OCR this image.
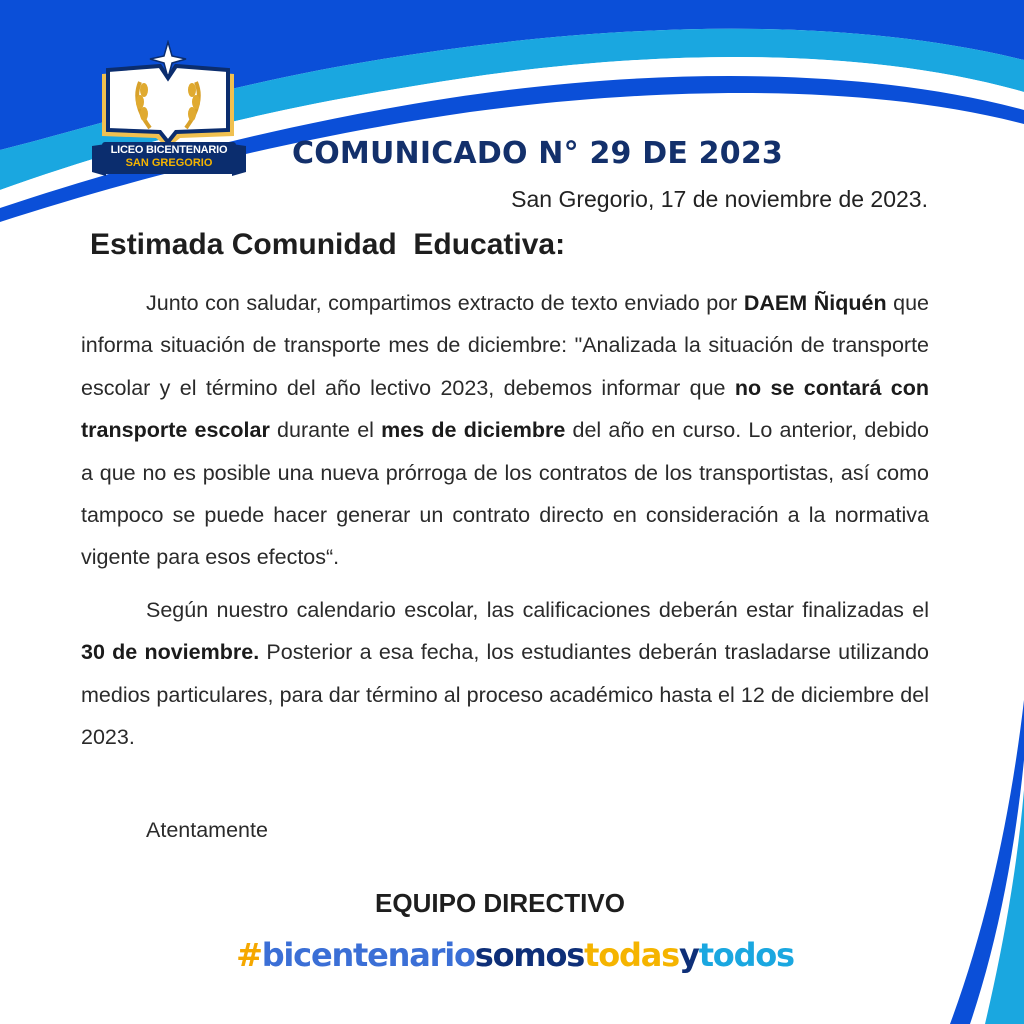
LICEO BICENTENARIO
SAN GREGORIO	COMUNICADO N° 29 DE 2023

San Gregorio, 17 de noviembre de 2023.

Estimada Comunidad  Educativa:

Junto con saludar, compartimos extracto de texto enviado por DAEM Ñiquén que informa situación de transporte mes de diciembre: "Analizada la situación de transporte escolar y el término del año lectivo 2023, debemos informar que no se contará con transporte escolar durante el mes de diciembre del año en curso. Lo anterior, debido a que no es posible una nueva prórroga de los contratos de los transportistas, así como tampoco se puede hacer generar un contrato directo en consideración a la normativa vigente para esos efectos“.

Según nuestro calendario escolar, las calificaciones deberán estar finalizadas el 30 de noviembre. Posterior a esa fecha, los estudiantes deberán trasladarse utilizando medios particulares, para dar término al proceso académico hasta el 12 de diciembre del 2023.

Atentamente

EQUIPO DIRECTIVO

#bicentenariosomostodasytodos
